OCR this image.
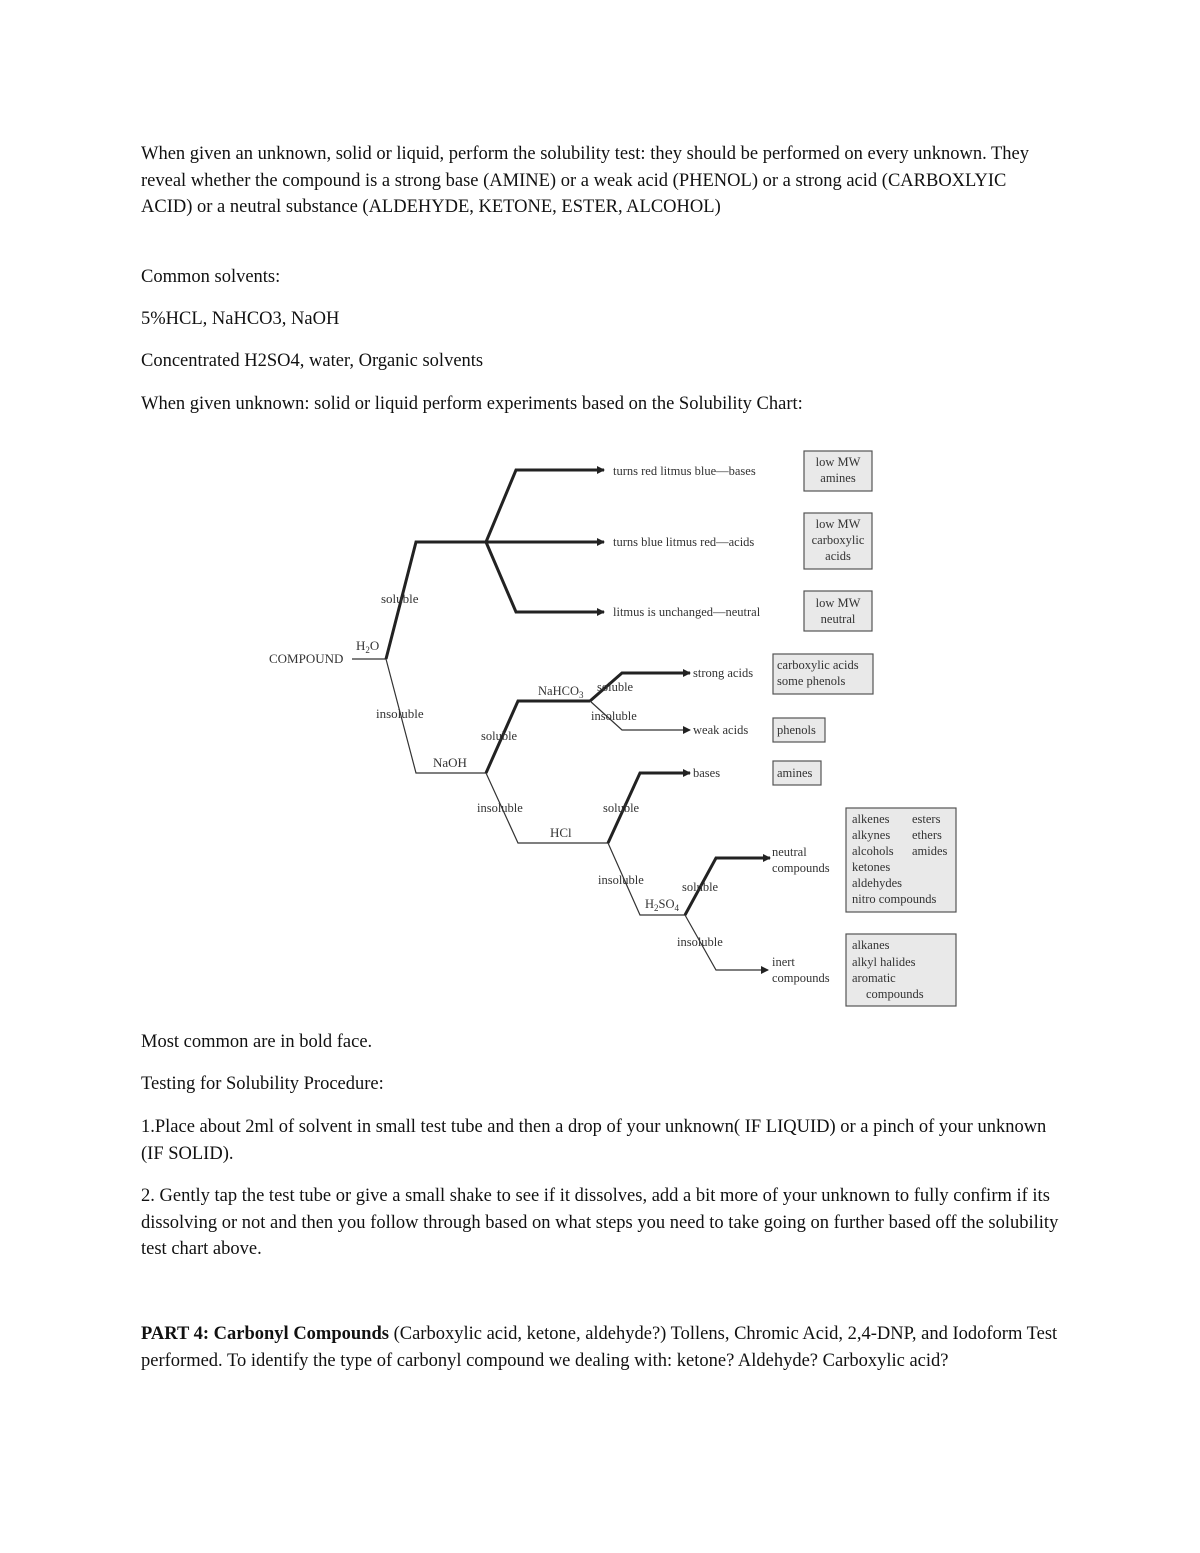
When given an unknown, solid or liquid, perform the solubility test: they should be performed on every unknown. They reveal whether the compound is a strong base (AMINE) or a weak acid (PHENOL) or a strong acid (CARBOXLYIC ACID) or a neutral substance (ALDEHYDE, KETONE, ESTER, ALCOHOL)

Common solvents:

5%HCL, NaHCO3, NaOH

Concentrated H2SO4, water, Organic solvents

When given unknown: solid or liquid perform experiments based on the Solubility Chart:

COMPOUND
$H_2O$
soluble
turns red litmus blue—bases
turns blue litmus red—acids
litmus is unchanged—neutral
low MW
amines
low MW
carboxylic
acids
low MW
neutral
insoluble
NaOH
soluble
NaHCO$_3$
soluble
insoluble
strong acids
weak acids
carboxylic acids
some phenols
phenols
insoluble
HCl
soluble
bases	amines
insoluble
$H_2SO_4$
soluble
neutral
compounds
alkenes
alkynes
alcohols
ketones
aldehydes
nitro compounds
esters
ethers
amides
insoluble
inert
compounds
alkanes
alkyl halides
aromatic
compounds

Most common are in bold face.

Testing for Solubility Procedure:

1.Place about 2ml of solvent in small test tube and then a drop of your unknown( IF LIQUID) or a pinch of your unknown (IF SOLID).

2. Gently tap the test tube or give a small shake to see if it dissolves, add a bit more of your unknown to fully confirm if its dissolving or not and then you follow through based on what steps you need to take going on further based off the solubility test chart above.

PART 4: Carbonyl Compounds (Carboxylic acid, ketone, aldehyde?) Tollens, Chromic Acid, 2,4-DNP, and Iodoform Test performed. To identify the type of carbonyl compound we dealing with: ketone? Aldehyde? Carboxylic acid?
